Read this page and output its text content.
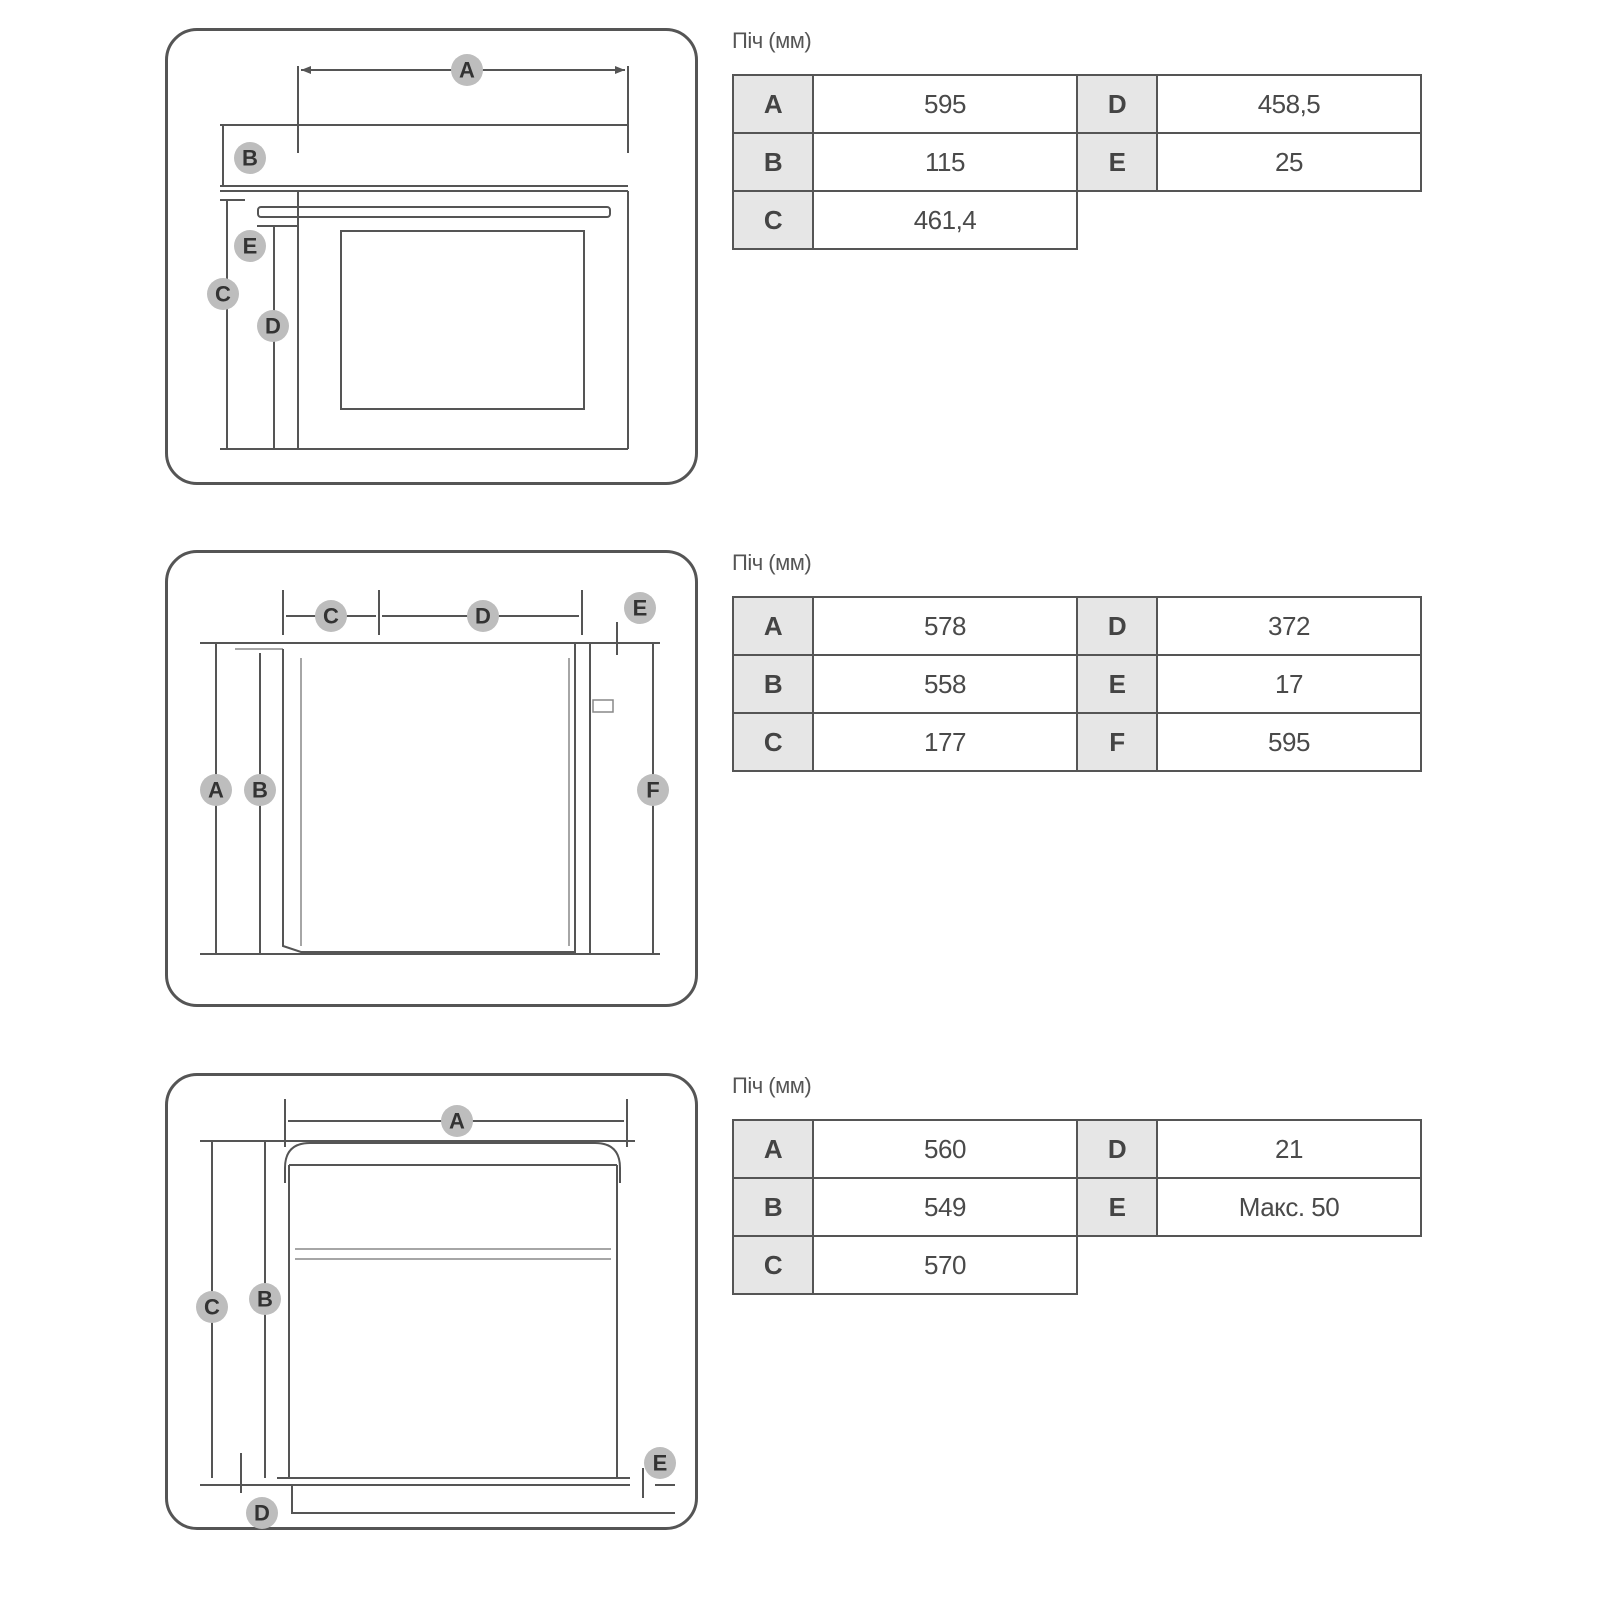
A
B
E
C
D
Піч (мм)
A	595	D	458,5
B	115	E	25
C	461,4		
C	D	E
A B	F
Піч (мм)
A	578	D	372
B	558	E	17
C	177	F	595
A
C B
D
E
Піч (мм)
A	560	D	21
B	549	E	Макс. 50
C	570		
